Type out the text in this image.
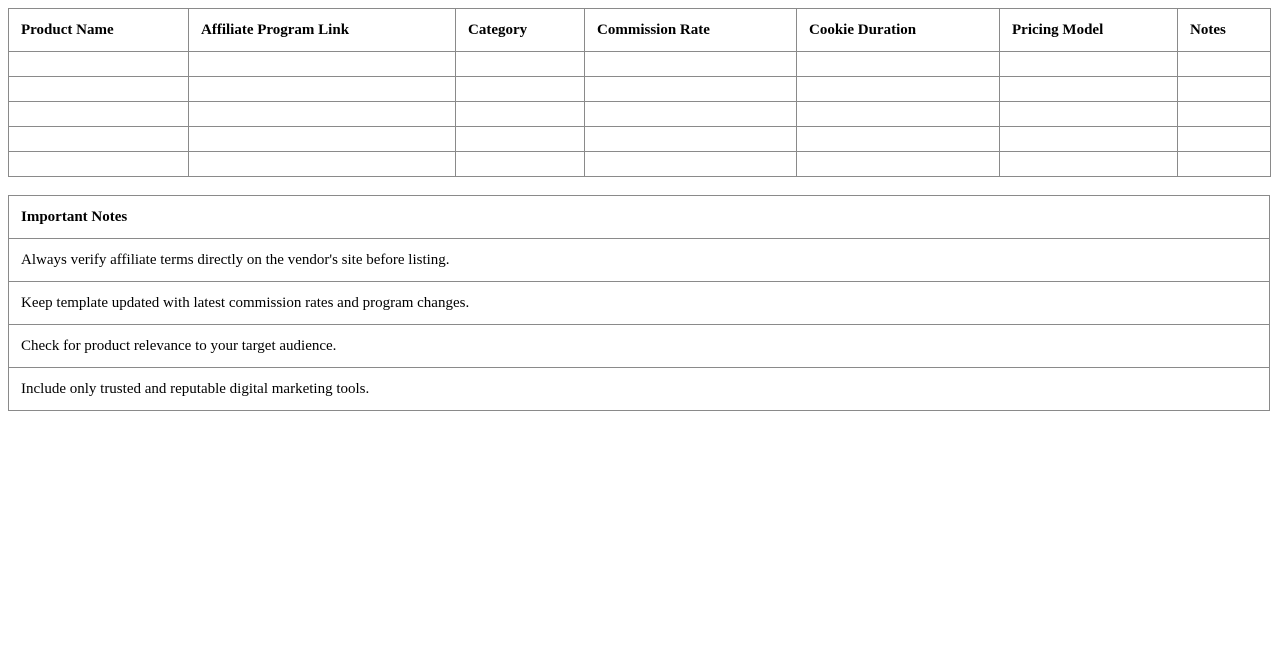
Product Name	Affiliate Program Link	Category	Commission Rate	Cookie Duration	Pricing Model	Notes

Important Notes
Always verify affiliate terms directly on the vendor's site before listing.
Keep template updated with latest commission rates and program changes.
Check for product relevance to your target audience.
Include only trusted and reputable digital marketing tools.
